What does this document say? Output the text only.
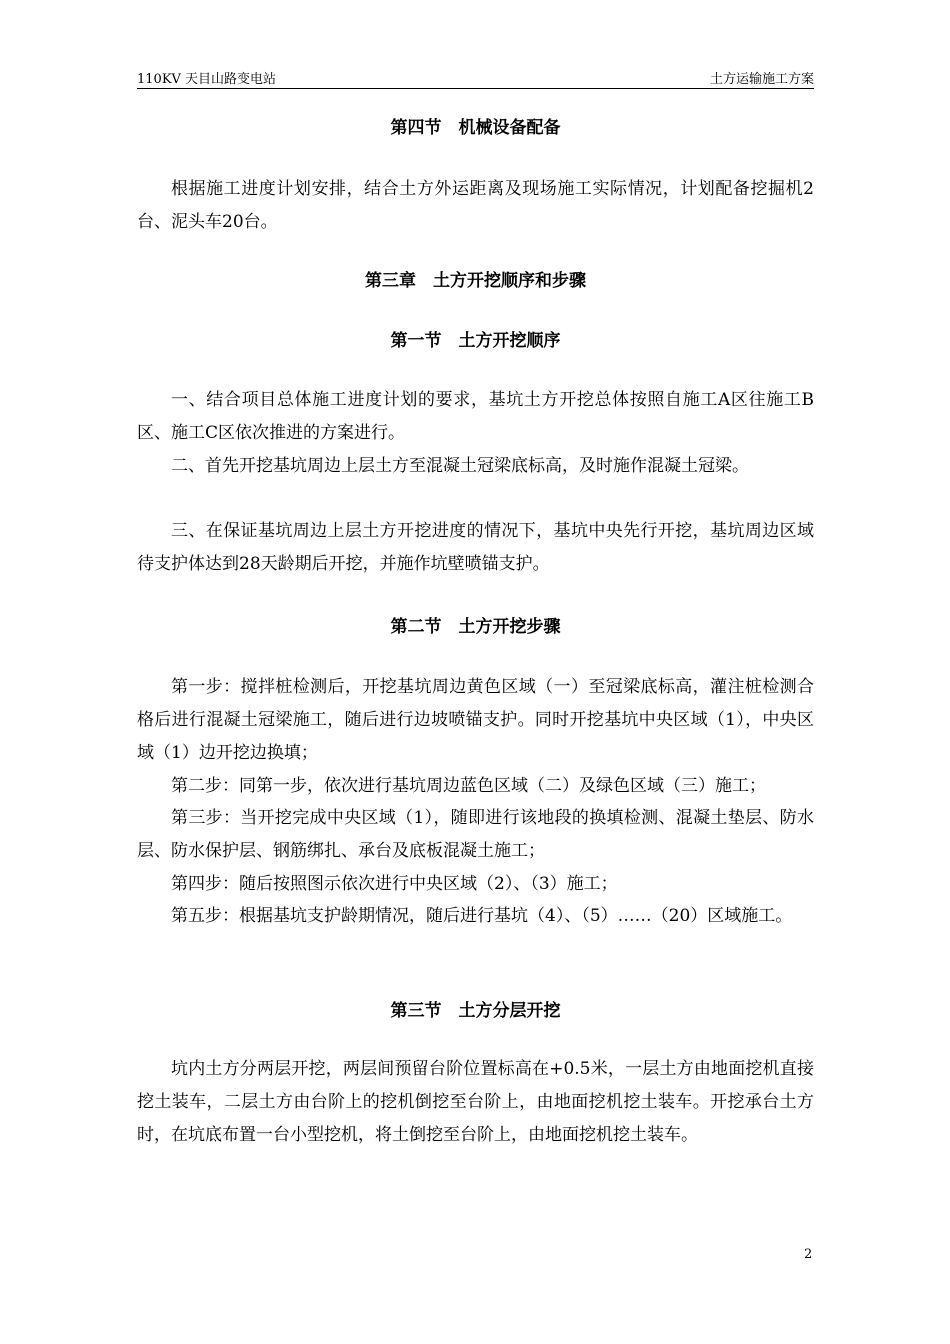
110KV 天目山路变电站	土方运输施工方案
第四节　机械设备配备
根据施工进度计划安排，结合土方外运距离及现场施工实际情况，计划配备挖掘机2台、泥头车20台。
第三章　土方开挖顺序和步骤
第一节　土方开挖顺序
一、结合项目总体施工进度计划的要求，基坑土方开挖总体按照自施工A区往施工B区、施工C区依次推进的方案进行。
二、首先开挖基坑周边上层土方至混凝土冠梁底标高，及时施作混凝土冠梁。
三、在保证基坑周边上层土方开挖进度的情况下，基坑中央先行开挖，基坑周边区域待支护体达到28天龄期后开挖，并施作坑壁喷锚支护。
第二节　土方开挖步骤
第一步：搅拌桩检测后，开挖基坑周边黄色区域（一）至冠梁底标高，灌注桩检测合格后进行混凝土冠梁施工，随后进行边坡喷锚支护。同时开挖基坑中央区域（1），中央区域（1）边开挖边换填；
第二步：同第一步，依次进行基坑周边蓝色区域（二）及绿色区域（三）施工；
第三步：当开挖完成中央区域（1），随即进行该地段的换填检测、混凝土垫层、防水层、防水保护层、钢筋绑扎、承台及底板混凝土施工；
第四步：随后按照图示依次进行中央区域（2）、（3）施工；
第五步：根据基坑支护龄期情况，随后进行基坑（4）、（5）……（20）区域施工。
第三节　土方分层开挖
坑内土方分两层开挖，两层间预留台阶位置标高在+0.5米，一层土方由地面挖机直接挖土装车，二层土方由台阶上的挖机倒挖至台阶上，由地面挖机挖土装车。开挖承台土方时，在坑底布置一台小型挖机，将土倒挖至台阶上，由地面挖机挖土装车。
2
